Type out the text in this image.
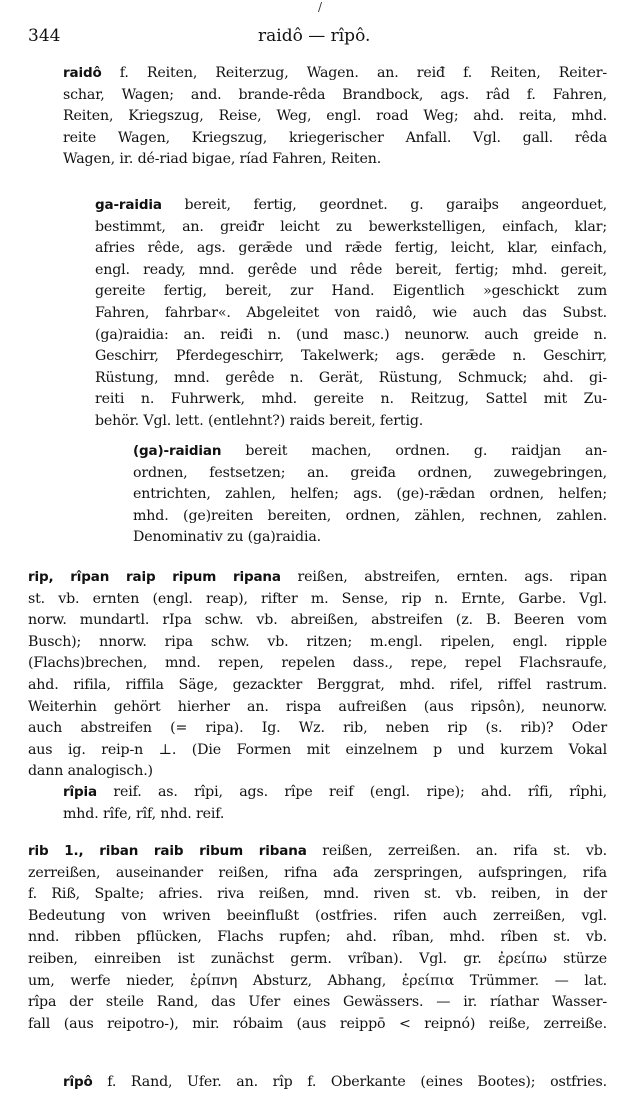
/
344	raidô — rîpô.
raidô f. Reiten, Reiterzug, Wagen. an. reiđ f. Reiten, Reiter-
schar, Wagen; and. brande-rêda Brandbock, ags. râd f. Fahren,
Reiten, Kriegszug, Reise, Weg, engl. road Weg; ahd. reita, mhd.
reite Wagen, Kriegszug, kriegerischer Anfall. Vgl. gall. rêda
Wagen, ir. dé-riad bigae, ríad Fahren, Reiten.
ga-raidia bereit, fertig, geordnet. g. garaiþs angeorduet,
bestimmt, an. greiđr leicht zu bewerkstelligen, einfach, klar;
afries rêde, ags. gerǣde und rǣde fertig, leicht, klar, einfach,
engl. ready, mnd. gerêde und rêde bereit, fertig; mhd. gereit,
gereite fertig, bereit, zur Hand. Eigentlich »geschickt zum
Fahren, fahrbar«. Abgeleitet von raidô, wie auch das Subst.
(ga)raidia: an. reiđi n. (und masc.) neunorw. auch greide n.
Geschirr, Pferdegeschirr, Takelwerk; ags. gerǣde n. Geschirr,
Rüstung, mnd. gerêde n. Gerät, Rüstung, Schmuck; ahd. gi-
reiti n. Fuhrwerk, mhd. gereite n. Reitzug, Sattel mit Zu-
behör. Vgl. lett. (entlehnt?) raids bereit, fertig.
(ga)-raidian bereit machen, ordnen. g. raidjan an-
ordnen, festsetzen; an. greiđa ordnen, zuwegebringen,
entrichten, zahlen, helfen; ags. (ge)-rǣdan ordnen, helfen;
mhd. (ge)reiten bereiten, ordnen, zählen, rechnen, zahlen.
Denominativ zu (ga)raidia.
rip, rîpan raip ripum ripana reißen, abstreifen, ernten. ags. ripan
st. vb. ernten (engl. reap), rifter m. Sense, rip n. Ernte, Garbe. Vgl.
norw. mundartl. rIpa schw. vb. abreißen, abstreifen (z. B. Beeren vom
Busch); nnorw. ripa schw. vb. ritzen; m.engl. ripelen, engl. ripple
(Flachs)brechen, mnd. repen, repelen dass., repe, repel Flachsraufe,
ahd. rifila, riffila Säge, gezackter Berggrat, mhd. rifel, riffel rastrum.
Weiterhin gehört hierher an. rispa aufreißen (aus ripsôn), neunorw.
auch abstreifen (= ripa). Ig. Wz. rib, neben rip (s. rib)? Oder
aus ig. reip-n ⊥. (Die Formen mit einzelnem p und kurzem Vokal
dann analogisch.)
rîpia reif. as. rîpi, ags. rîpe reif (engl. ripe); ahd. rîfi, rîphi,
mhd. rîfe, rîf, nhd. reif.
rib 1., riban raib ribum ribana reißen, zerreißen. an. rifa st. vb.
zerreißen, auseinander reißen, rifna ađa zerspringen, aufspringen, rifa
f. Riß, Spalte; afries. riva reißen, mnd. riven st. vb. reiben, in der
Bedeutung von wriven beeinflußt (ostfries. rifen auch zerreißen, vgl.
nnd. ribben pflücken, Flachs rupfen; ahd. rîban, mhd. rîben st. vb.
reiben, einreiben ist zunächst germ. vrîban). Vgl. gr. ἐρείπω stürze
um, werfe nieder, ἐρίπνη Absturz, Abhang, ἐρείπια Trümmer. — lat.
rîpa der steile Rand, das Ufer eines Gewässers. — ir. ríathar Wasser-
fall (aus reipotro-), mir. róbaim (aus reippō < reipnó) reiße, zerreiße.
rîpô f. Rand, Ufer. an. rîp f. Oberkante (eines Bootes); ostfries.
